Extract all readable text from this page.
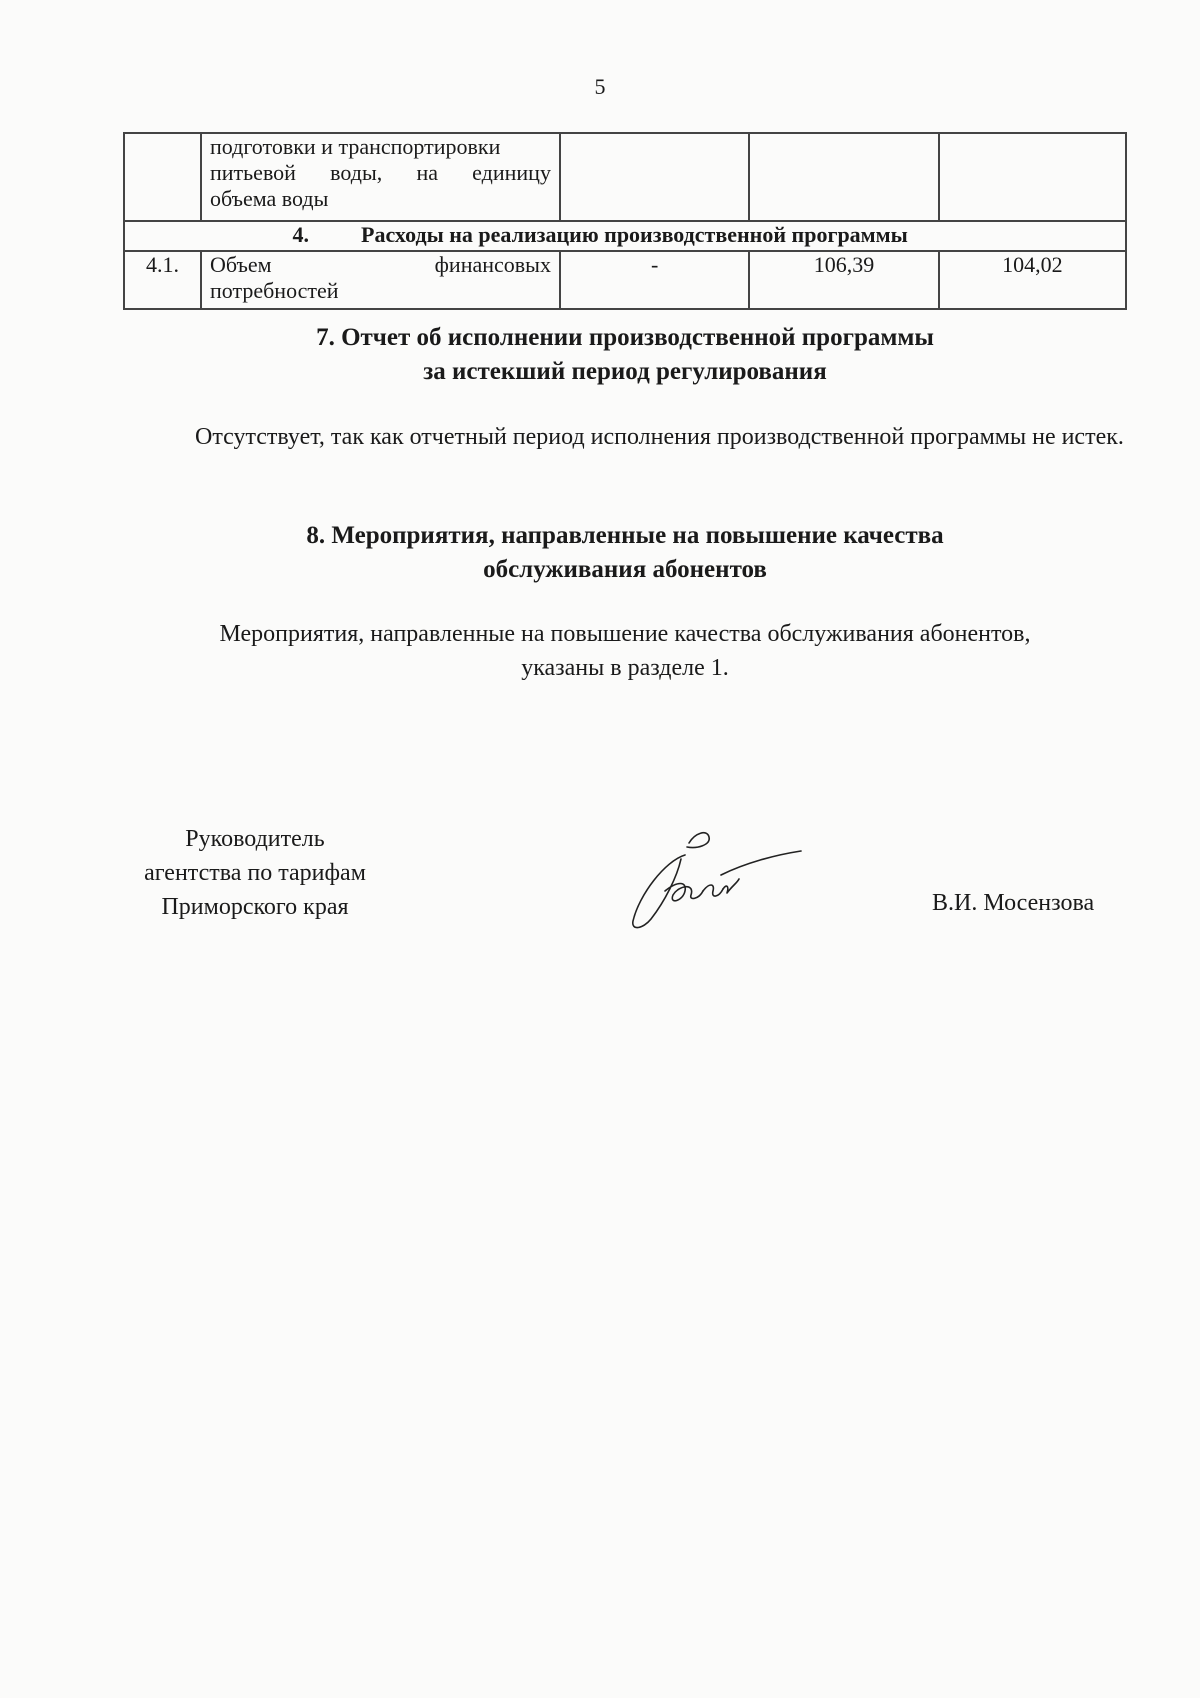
5

	подготовки и транспортировки
питьевой воды, на единицу
объема воды			

4. Расходы на реализацию производственной программы				
4.1.	Объем финансовых
потребностей	-	106,39	104,02
7. Отчет об исполнении производственной программы
за истекший период регулирования
Отсутствует, так как отчетный период исполнения производственной программы не истек.
8. Мероприятия, направленные на повышение качества
обслуживания абонентов
Мероприятия, направленные на повышение качества обслуживания абонентов,
указаны в разделе 1.
Руководитель
агентства по тарифам
Приморского края	В.И. Мосензова
